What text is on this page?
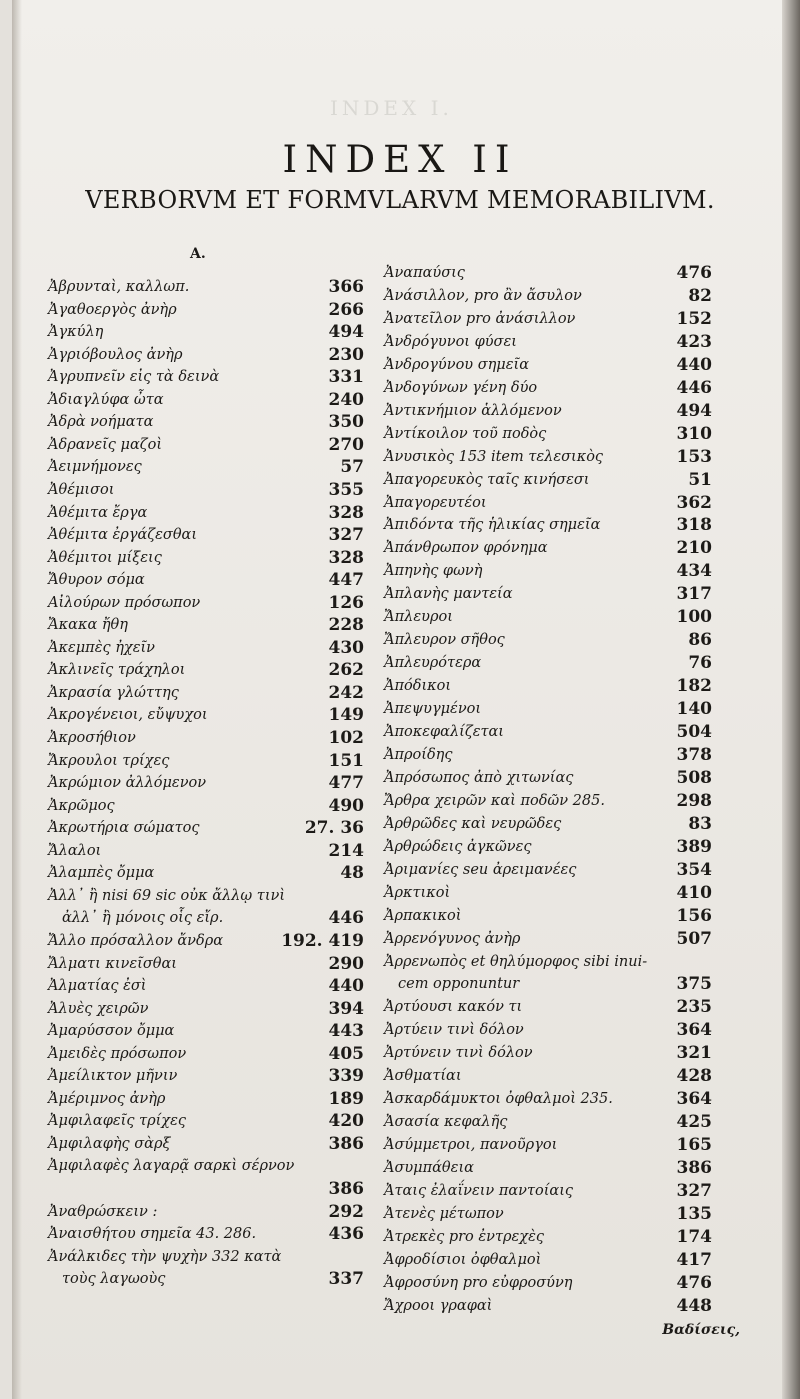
INDEX I.
INDEX II
VERBORVM ET FORMVLARVM MEMORABILIVM.
A.
Ἀβρυνταὶ, καλλωπ.	366
Ἀγαθοεργὸς ἀνὴρ	266
Ἀγκύλη	494
Ἀγριόβουλος ἀνὴρ	230
Ἀγρυπνεῖν εἰς τὰ δεινὰ	331
Ἀδιαγλύφα ὦτα	240
Ἀδρὰ νοήματα	350
Ἀδρανεῖς μαζοὶ	270
Ἀειμνήμονες	57
Ἀθέμισοι	355
Ἀθέμιτα ἔργα	328
Ἀθέμιτα ἐργάζεσθαι	327
Ἀθέμιτοι μίξεις	328
Ἄθυρον σόμα	447
Αἰλούρων πρόσωπον	126
Ἄκακα ἤθη	228
Ἀκεμπὲς ἠχεῖν	430
Ἀκλινεῖς τράχηλοι	262
Ἀκρασία γλώττης	242
Ἀκρογένειοι, εὔψυχοι	149
Ἀκροσήθιον	102
Ἄκρουλοι τρίχες	151
Ἀκρώμιον ἀλλόμενον	477
Ἀκρῶμος	490
Ἀκρωτήρια σώματος	27. 36
Ἄλαλοι	214
Ἀλαμπὲς ὄμμα	48
Ἀλλ᾽ ἢ nisi 69 sic οὐκ ἄλλῳ τινὶ
ἀλλ᾽ ἢ μόνοις οἷς εἴρ.	446
Ἄλλο πρόσαλλον ἄνδρα	192. 419
Ἄλματι κινεῖσθαι	290
Ἀλματίας ἐσὶ	440
Ἀλυὲς χειρῶν	394
Ἀμαρύσσον ὄμμα	443
Ἀμειδὲς πρόσωπον	405
Ἀμείλικτον μῆνιν	339
Ἀμέριμνος ἀνὴρ	189
Ἀμφιλαφεῖς τρίχες	420
Ἀμφιλαφὴς σὰρξ	386
Ἀμφιλαφὲς λαγαρᾷ σαρκὶ σέρνον
386
Ἀναθρώσκειν :	292
Ἀναισθήτου σημεῖα 43. 286.	436
Ἀνάλκιδες τὴν ψυχὴν 332 κατὰ
τοὺς λαγωοὺς	337
Ἀναπαύσις	476
Ἀνάσιλλον, pro ἂν ἄσυλον	82
Ἀνατεῖλον pro ἀνάσιλλον	152
Ἀνδρόγυνοι φύσει	423
Ἀνδρογύνου σημεῖα	440
Ἀνδογύνων γένη δύο	446
Ἀντικνήμιον ἁλλόμενον	494
Ἀντίκοιλον τοῦ ποδὸς	310
Ἀνυσικὸς 153 item τελεσικὸς	153
Ἀπαγορευκὸς ταῖς κινήσεσι	51
Ἀπαγορευτέοι	362
Ἀπιδόντα τῆς ἡλικίας σημεῖα	318
Ἀπάνθρωπον φρόνημα	210
Ἀπηνὴς φωνὴ	434
Ἀπλανὴς μαντεία	317
Ἄπλευροι	100
Ἄπλευρον σῆθος	86
Ἀπλευρότερα	76
Ἀπόδικοι	182
Ἀπεψυγμένοι	140
Ἀποκεφαλίζεται	504
Ἀπροίδης	378
Ἀπρόσωπος ἀπὸ χιτωνίας	508
Ἄρθρα χειρῶν καὶ ποδῶν 285.	298
Ἀρθρῶδες καὶ νευρῶδες	83
Ἀρθρώδεις ἀγκῶνες	389
Ἀριμανίες seu ἀρειμανέες	354
Ἀρκτικοὶ	410
Ἀρπακικοὶ	156
Ἀρρενόγυνος ἀνὴρ	507
Ἀρρενωπὸς et θηλύμορφος sibi inui-
cem opponuntur	375
Ἀρτύουσι κακόν τι	235
Ἀρτύειν τινὶ δόλον	364
Ἀρτύνειν τινὶ δόλον	321
Ἀσθματίαι	428
Ἀσκαρδάμυκτοι ὀφθαλμοὶ 235.	364
Ἀσασία κεφαλῆς	425
Ἀσύμμετροι, πανοῦργοι	165
Ἀσυμπάθεια	386
Ἀταις ἐλαΐνειν παντοίαις	327
Ἀτενὲς μέτωπον	135
Ἀτρεκὲς pro ἐντρεχὲς	174
Ἀφροδίσιοι ὀφθαλμοὶ	417
Ἀφροσύνη pro εὐφροσύνη	476
Ἄχροοι γραφαὶ	448
Βαδίσεις,
